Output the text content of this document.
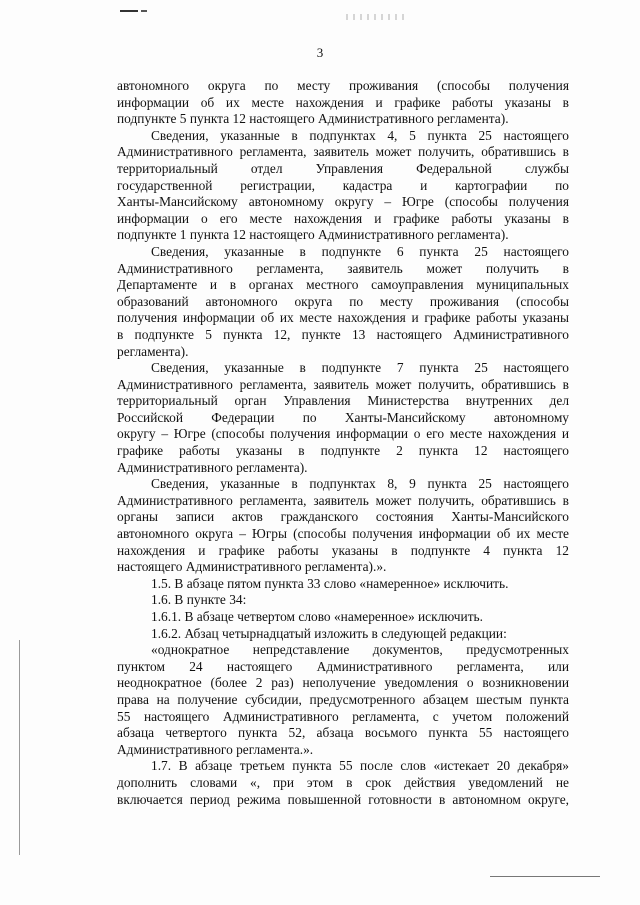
3
автономного округа по месту проживания (способы получения
информации об их месте нахождения и графике работы указаны в
подпункте 5 пункта 12 настоящего Административного регламента).
Сведения, указанные в подпунктах 4, 5 пункта 25 настоящего
Административного регламента, заявитель может получить, обратившись в
территориальный отдел Управления Федеральной службы
государственной регистрации, кадастра и картографии по
Ханты-Мансийскому автономному округу – Югре (способы получения
информации о его месте нахождения и графике работы указаны в
подпункте 1 пункта 12 настоящего Административного регламента).
Сведения, указанные в подпункте 6 пункта 25 настоящего
Административного регламента, заявитель может получить в
Департаменте и в органах местного самоуправления муниципальных
образований автономного округа по месту проживания (способы
получения информации об их месте нахождения и графике работы указаны
в подпункте 5 пункта 12, пункте 13 настоящего Административного
регламента).
Сведения, указанные в подпункте 7 пункта 25 настоящего
Административного регламента, заявитель может получить, обратившись в
территориальный орган Управления Министерства внутренних дел
Российской Федерации по Ханты-Мансийскому автономному
округу – Югре (способы получения информации о его месте нахождения и
графике работы указаны в подпункте 2 пункта 12 настоящего
Административного регламента).
Сведения, указанные в подпунктах 8, 9 пункта 25 настоящего
Административного регламента, заявитель может получить, обратившись в
органы записи актов гражданского состояния Ханты-Мансийского
автономного округа – Югры (способы получения информации об их месте
нахождения и графике работы указаны в подпункте 4 пункта 12
настоящего Административного регламента).».
1.5. В абзаце пятом пункта 33 слово «намеренное» исключить.
1.6. В пункте 34:
1.6.1. В абзаце четвертом слово «намеренное» исключить.
1.6.2. Абзац четырнадцатый изложить в следующей редакции:
«однократное непредставление документов, предусмотренных
пунктом 24 настоящего Административного регламента, или
неоднократное (более 2 раз) неполучение уведомления о возникновении
права на получение субсидии, предусмотренного абзацем шестым пункта
55 настоящего Административного регламента, с учетом положений
абзаца четвертого пункта 52, абзаца восьмого пункта 55 настоящего
Административного регламента.».
1.7. В абзаце третьем пункта 55 после слов «истекает 20 декабря»
дополнить словами «, при этом в срок действия уведомлений не
включается период режима повышенной готовности в автономном округе,
